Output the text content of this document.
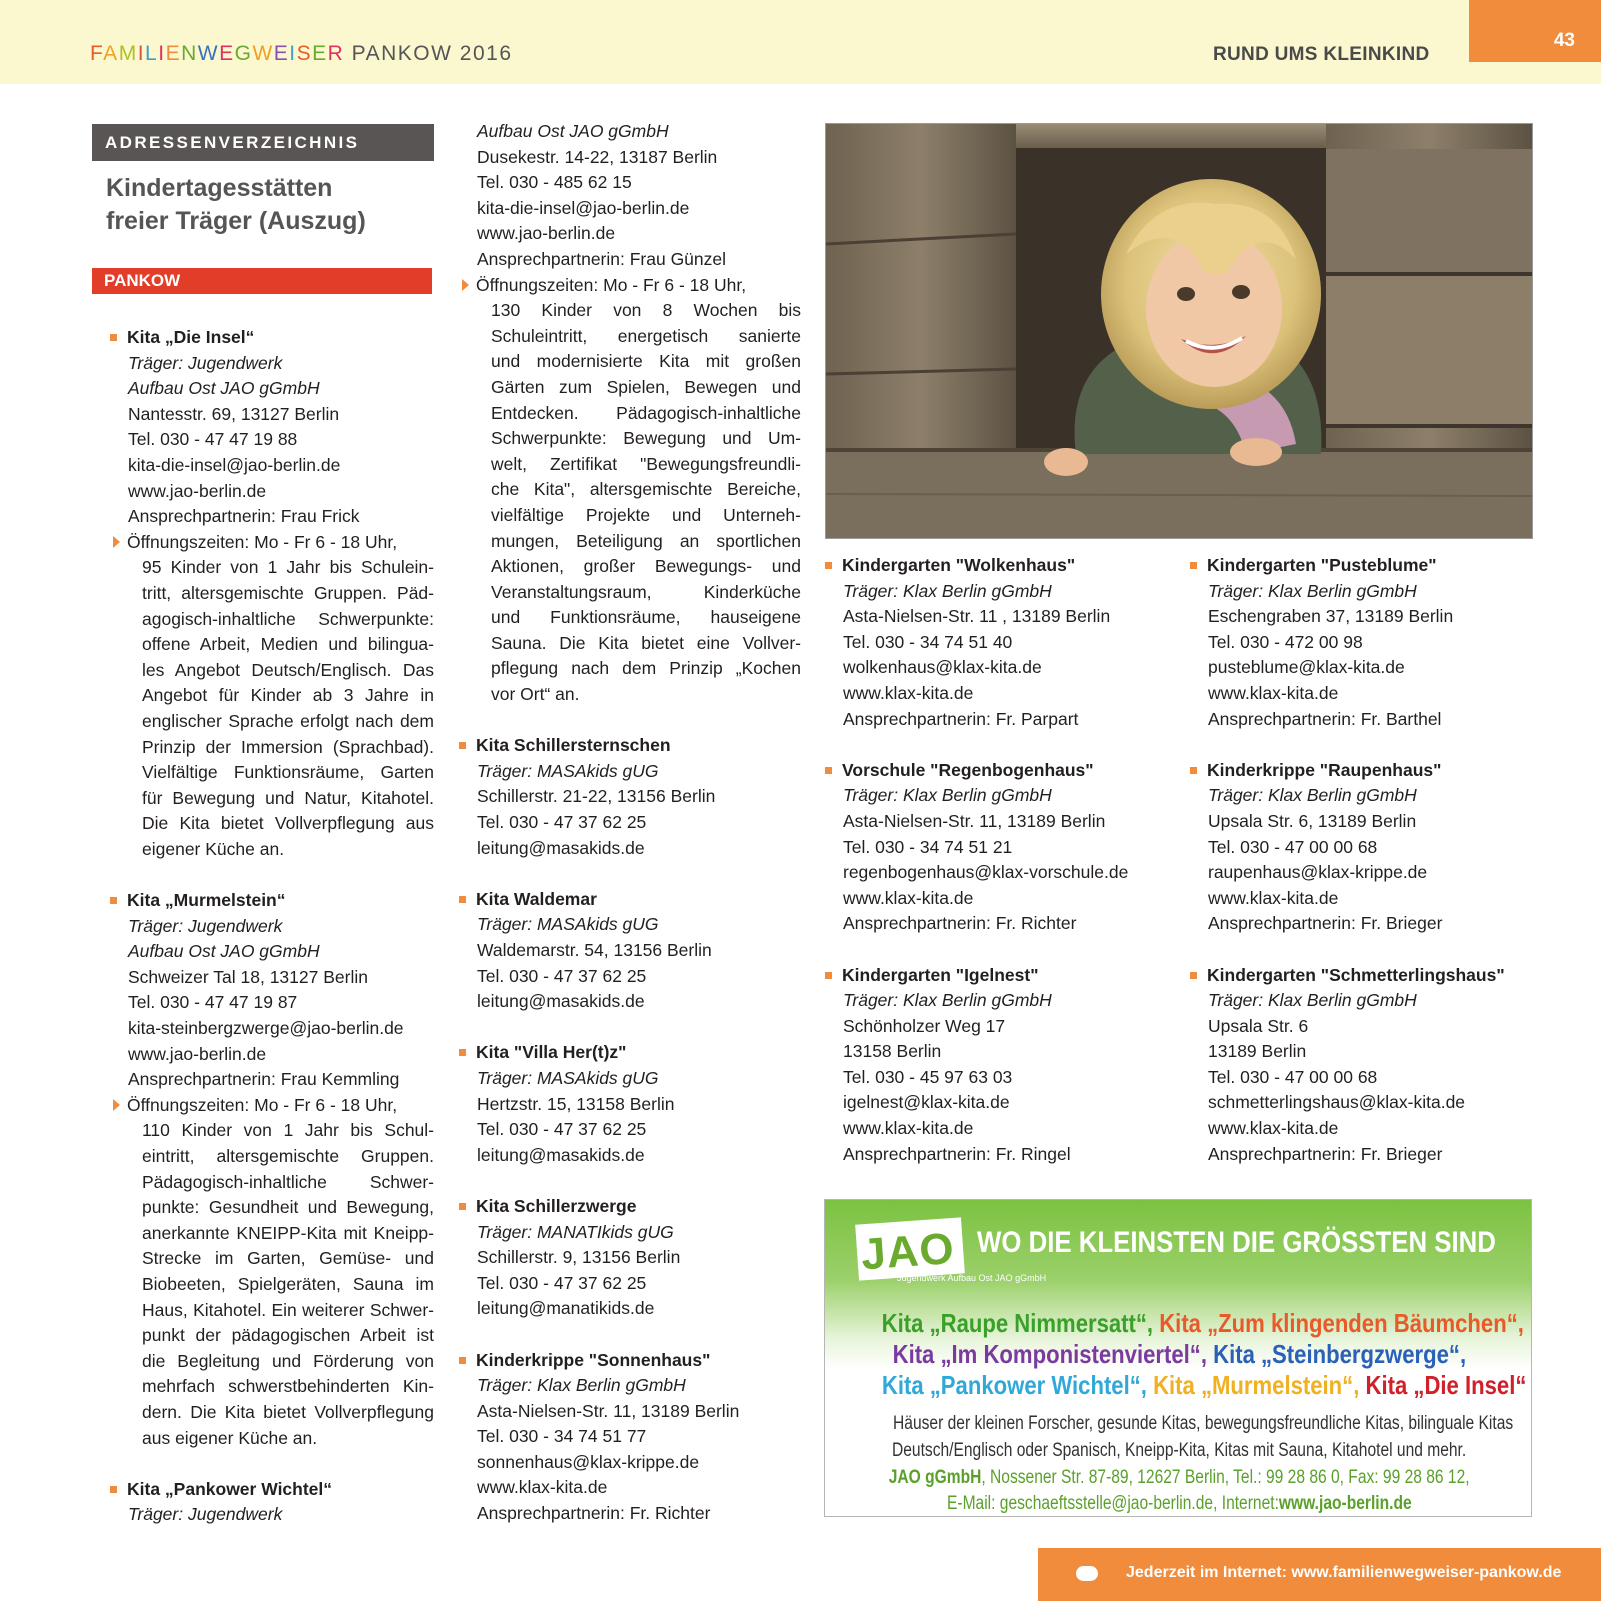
FAMILIENWEGWEISER PANKOW 2016	RUND UMS KLEINKIND
43
ADRESSENVERZEICHNIS
Kindertagesstätten
freier Träger (Auszug)
PANKOW
Kita „Die Insel“
Träger: Jugendwerk
Aufbau Ost JAO gGmbH
Nantesstr. 69, 13127 Berlin
Tel. 030 - 47 47 19 88
kita-die-insel@jao-berlin.de
www.jao-berlin.de
Ansprechpartnerin: Frau Frick
Öffnungszeiten: Mo - Fr 6 - 18 Uhr,
95 Kinder von 1 Jahr bis Schulein-
tritt, altersgemischte Gruppen. Päd-
agogisch-inhaltliche Schwerpunkte:
offene Arbeit, Medien und bilingua-
les Angebot Deutsch/Englisch. Das
Angebot für Kinder ab 3 Jahre in
englischer Sprache erfolgt nach dem
Prinzip der Immersion (Sprachbad).
Vielfältige Funktionsräume, Garten
für Bewegung und Natur, Kitahotel.
Die Kita bietet Vollverpflegung aus
eigener Küche an.
Kita „Murmelstein“
Träger: Jugendwerk
Aufbau Ost JAO gGmbH
Schweizer Tal 18, 13127 Berlin
Tel. 030 - 47 47 19 87
kita-steinbergzwerge@jao-berlin.de
www.jao-berlin.de
Ansprechpartnerin: Frau Kemmling
Öffnungszeiten: Mo - Fr 6 - 18 Uhr,
110 Kinder von 1 Jahr bis Schul-
eintritt, altersgemischte Gruppen.
Pädagogisch-inhaltliche Schwer-
punkte: Gesundheit und Bewegung,
anerkannte KNEIPP-Kita mit Kneipp-
Strecke im Garten, Gemüse- und
Biobeeten, Spielgeräten, Sauna im
Haus, Kitahotel. Ein weiterer Schwer-
punkt der pädagogischen Arbeit ist
die Begleitung und Förderung von
mehrfach schwerstbehinderten Kin-
dern. Die Kita bietet Vollverpflegung
aus eigener Küche an.
Kita „Pankower Wichtel“
Träger: Jugendwerk
Aufbau Ost JAO gGmbH
Dusekestr. 14-22, 13187 Berlin
Tel. 030 - 485 62 15
kita-die-insel@jao-berlin.de
www.jao-berlin.de
Ansprechpartnerin: Frau Günzel
Öffnungszeiten: Mo - Fr 6 - 18 Uhr,
130 Kinder von 8 Wochen bis
Schuleintritt, energetisch sanierte
und modernisierte Kita mit großen
Gärten zum Spielen, Bewegen und
Entdecken. Pädagogisch-inhaltliche
Schwerpunkte: Bewegung und Um-
welt, Zertifikat "Bewegungsfreundli-
che Kita", altersgemischte Bereiche,
vielfältige Projekte und Unterneh-
mungen, Beteiligung an sportlichen
Aktionen, großer Bewegungs- und
Veranstaltungsraum, Kinderküche
und Funktionsräume, hauseigene
Sauna. Die Kita bietet eine Vollver-
pflegung nach dem Prinzip „Kochen
vor Ort“ an.
Kita Schillersternschen
Träger: MASAkids gUG
Schillerstr. 21-22, 13156 Berlin
Tel. 030 - 47 37 62 25
leitung@masakids.de
Kita Waldemar
Träger: MASAkids gUG
Waldemarstr. 54, 13156 Berlin
Tel. 030 - 47 37 62 25
leitung@masakids.de
Kita "Villa Her(t)z"
Träger: MASAkids gUG
Hertzstr. 15, 13158 Berlin
Tel. 030 - 47 37 62 25
leitung@masakids.de
Kita Schillerzwerge
Träger: MANATIkids gUG
Schillerstr. 9, 13156 Berlin
Tel. 030 - 47 37 62 25
leitung@manatikids.de
Kinderkrippe "Sonnenhaus"
Träger: Klax Berlin gGmbH
Asta-Nielsen-Str. 11, 13189 Berlin
Tel. 030 - 34 74 51 77
sonnenhaus@klax-krippe.de
www.klax-kita.de
Ansprechpartnerin: Fr. Richter
Kindergarten "Wolkenhaus"
Träger: Klax Berlin gGmbH
Asta-Nielsen-Str. 11 , 13189 Berlin
Tel. 030 - 34 74 51 40
wolkenhaus@klax-kita.de
www.klax-kita.de
Ansprechpartnerin: Fr. Parpart
Vorschule "Regenbogenhaus"
Träger: Klax Berlin gGmbH
Asta-Nielsen-Str. 11, 13189 Berlin
Tel. 030 - 34 74 51 21
regenbogenhaus@klax-vorschule.de
www.klax-kita.de
Ansprechpartnerin: Fr. Richter
Kindergarten "Igelnest"
Träger: Klax Berlin gGmbH
Schönholzer Weg 17
13158 Berlin
Tel. 030 - 45 97 63 03
igelnest@klax-kita.de
www.klax-kita.de
Ansprechpartnerin: Fr. Ringel
Kindergarten "Pusteblume"
Träger: Klax Berlin gGmbH
Eschengraben 37, 13189 Berlin
Tel. 030 - 472 00 98
pusteblume@klax-kita.de
www.klax-kita.de
Ansprechpartnerin: Fr. Barthel
Kinderkrippe "Raupenhaus"
Träger: Klax Berlin gGmbH
Upsala Str. 6, 13189 Berlin
Tel. 030 - 47 00 00 68
raupenhaus@klax-krippe.de
www.klax-kita.de
Ansprechpartnerin: Fr. Brieger
Kindergarten "Schmetterlingshaus"
Träger: Klax Berlin gGmbH
Upsala Str. 6
13189 Berlin
Tel. 030 - 47 00 00 68
schmetterlingshaus@klax-kita.de
www.klax-kita.de
Ansprechpartnerin: Fr. Brieger
JAO
Jugendwerk Aufbau Ost JAO gGmbH
WO DIE KLEINSTEN DIE GRÖSSTEN SIND
Kita „Raupe Nimmersatt“, Kita „Zum klingenden Bäumchen“,
Kita „Im Komponistenviertel“, Kita „Steinbergzwerge“,
Kita „Pankower Wichtel“, Kita „Murmelstein“, Kita „Die Insel“
Häuser der kleinen Forscher, gesunde Kitas, bewegungsfreundliche Kitas, bilinguale Kitas
Deutsch/Englisch oder Spanisch, Kneipp-Kita, Kitas mit Sauna, Kitahotel und mehr.
JAO gGmbH, Nossener Str. 87-89, 12627 Berlin, Tel.: 99 28 86 0, Fax: 99 28 86 12,
E-Mail: geschaeftsstelle@jao-berlin.de, Internet:www.jao-berlin.de
Jederzeit im Internet: www.familienwegweiser-pankow.de
